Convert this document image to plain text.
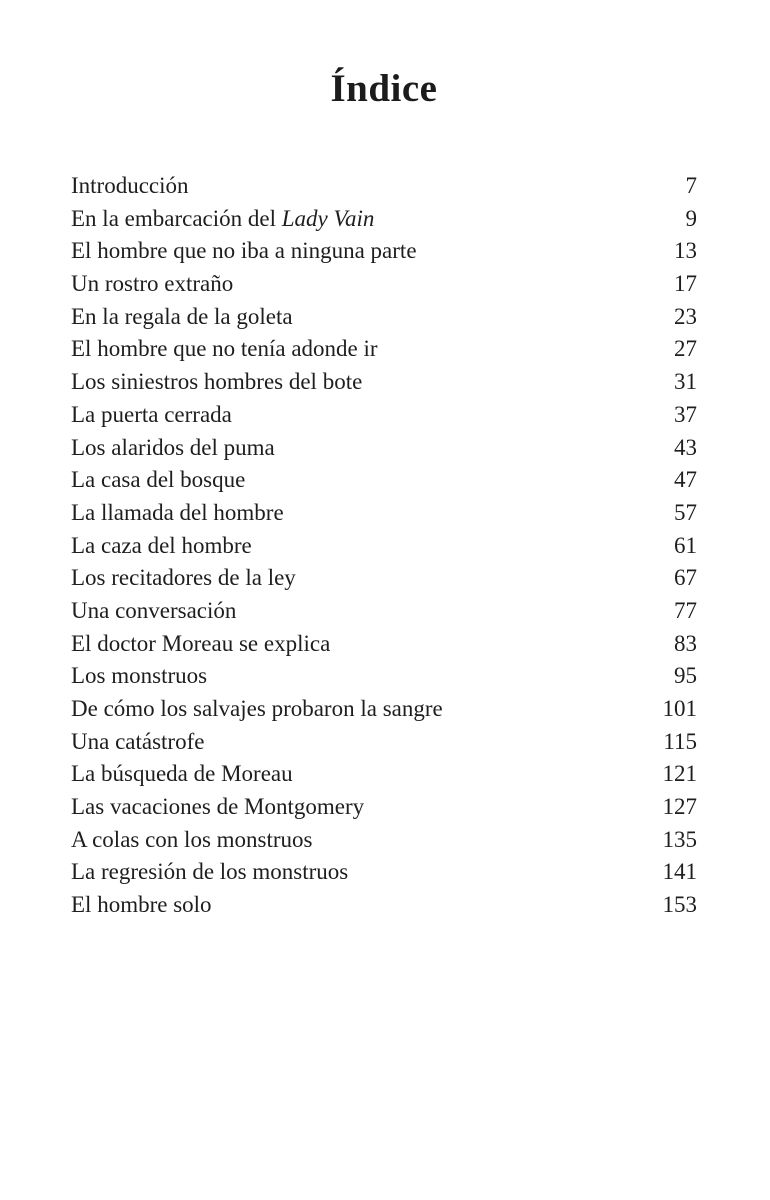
Índice
Introducción	7
En la embarcación del Lady Vain	9
El hombre que no iba a ninguna parte	13
Un rostro extraño	17
En la regala de la goleta	23
El hombre que no tenía adonde ir	27
Los siniestros hombres del bote	31
La puerta cerrada	37
Los alaridos del puma	43
La casa del bosque	47
La llamada del hombre	57
La caza del hombre	61
Los recitadores de la ley	67
Una conversación	77
El doctor Moreau se explica	83
Los monstruos	95
De cómo los salvajes probaron la sangre	101
Una catástrofe	115
La búsqueda de Moreau	121
Las vacaciones de Montgomery	127
A colas con los monstruos	135
La regresión de los monstruos	141
El hombre solo	153
